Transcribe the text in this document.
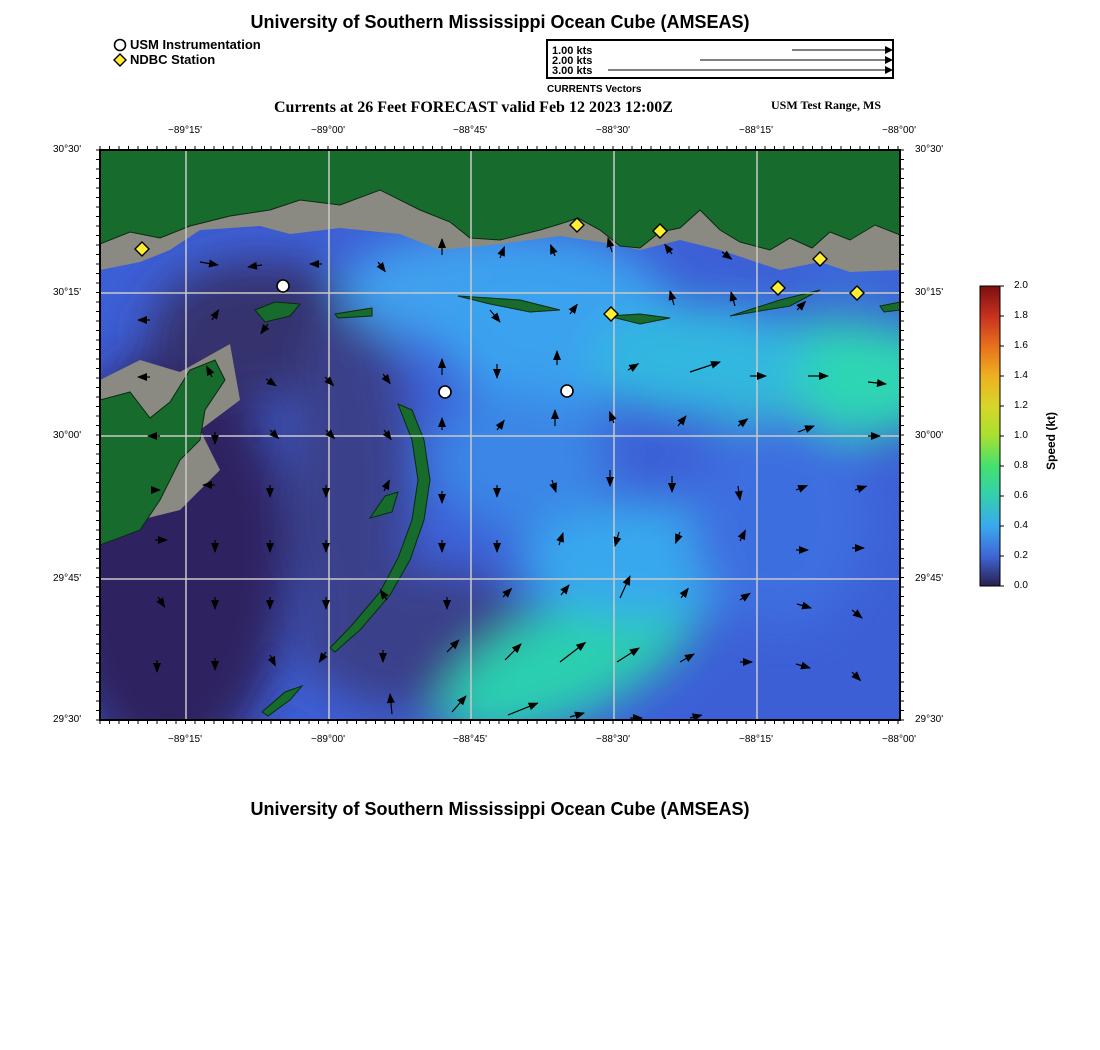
University of Southern Mississippi Ocean Cube (AMSEAS)
USM Instrumentation
NDBC Station
1.00 kts
2.00 kts
3.00 kts
CURRENTS Vectors
Currents at 26 Feet FORECAST valid Feb 12 2023 12:00Z	USM Test Range, MS
−89°15'	−89°00'	−88°45'	−88°30'	−88°15'	−88°00'
−89°15'	−89°00'	−88°45'	−88°30'	−88°15'	−88°00'
30°30'
30°15'
30°00'
29°45'
29°30'
30°30'
30°15'
30°00'
29°45'
29°30'
2.0
1.8
1.6
1.4
1.2
1.0
0.8
0.6
0.4
0.2
0.0
Speed (kt)
University of Southern Mississippi Ocean Cube (AMSEAS)
